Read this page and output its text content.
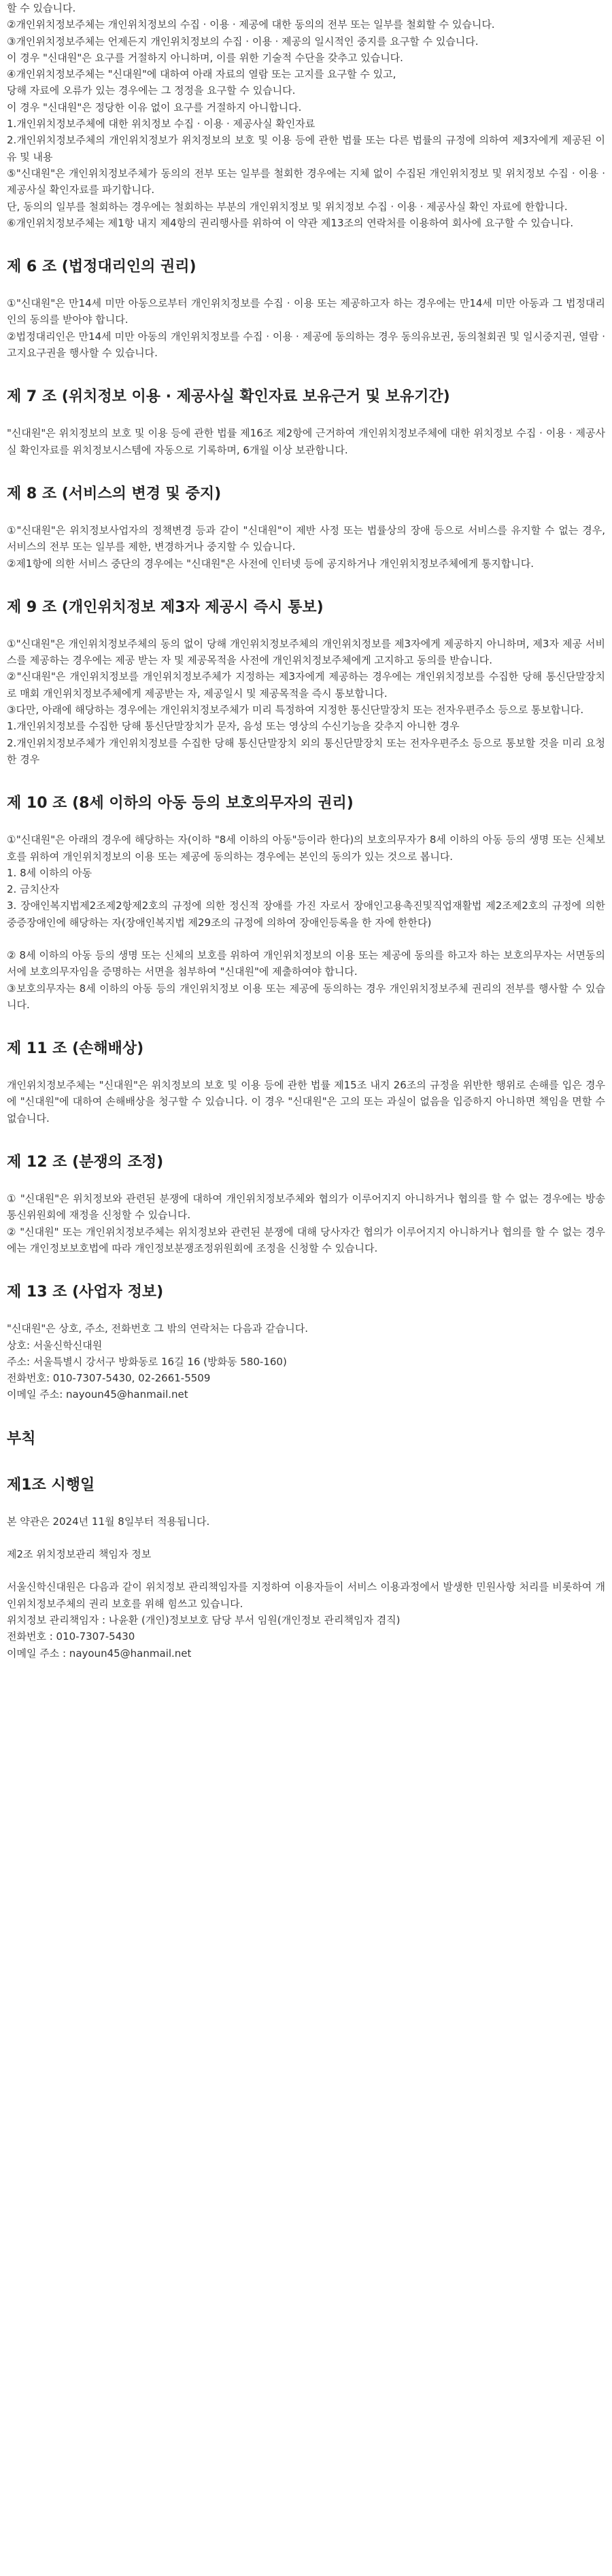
할 수 있습니다.

②개인위치정보주체는 개인위치정보의 수집 · 이용 · 제공에 대한 동의의 전부 또는 일부를 철회할 수 있습니다.

③개인위치정보주체는 언제든지 개인위치정보의 수집 · 이용 · 제공의 일시적인 중지를 요구할 수 있습니다.

이 경우 "신대원"은 요구를 거절하지 아니하며, 이를 위한 기술적 수단을 갖추고 있습니다.

④개인위치정보주체는 "신대원"에 대하여 아래 자료의 열람 또는 고지를 요구할 수 있고,

당해 자료에 오류가 있는 경우에는 그 정정을 요구할 수 있습니다.

이 경우 "신대원"은 정당한 이유 없이 요구를 거절하지 아니합니다.

1.개인위치정보주체에 대한 위치정보 수집 · 이용 · 제공사실 확인자료

2.개인위치정보주체의 개인위치정보가 위치정보의 보호 및 이용 등에 관한 법률 또는 다른 법률의 규정에 의하여 제3자에게 제공된 이유 및 내용

⑤"신대원"은 개인위치정보주체가 동의의 전부 또는 일부를 철회한 경우에는 지체 없이 수집된 개인위치정보 및 위치정보 수집 · 이용 · 제공사실 확인자료를 파기합니다.

단, 동의의 일부를 철회하는 경우에는 철회하는 부분의 개인위치정보 및 위치정보 수집 · 이용 · 제공사실 확인 자료에 한합니다.

⑥개인위치정보주체는 제1항 내지 제4항의 권리행사를 위하여 이 약관 제13조의 연락처를 이용하여 회사에 요구할 수 있습니다.

제 6 조 (법정대리인의 권리)

①"신대원"은 만14세 미만 아동으로부터 개인위치정보를 수집 · 이용 또는 제공하고자 하는 경우에는 만14세 미만 아동과 그 법정대리인의 동의를 받아야 합니다.

②법정대리인은 만14세 미만 아동의 개인위치정보를 수집 · 이용 · 제공에 동의하는 경우 동의유보권, 동의철회권 및 일시중지권, 열람 · 고지요구권을 행사할 수 있습니다.

제 7 조 (위치정보 이용 · 제공사실 확인자료 보유근거 및 보유기간)

"신대원"은 위치정보의 보호 및 이용 등에 관한 법률 제16조 제2항에 근거하여 개인위치정보주체에 대한 위치정보 수집 · 이용 · 제공사실 확인자료를 위치정보시스템에 자동으로 기록하며, 6개월 이상 보관합니다.

제 8 조 (서비스의 변경 및 중지)

①"신대원"은 위치정보사업자의 정책변경 등과 같이 "신대원"이 제반 사정 또는 법률상의 장애 등으로 서비스를 유지할 수 없는 경우, 서비스의 전부 또는 일부를 제한, 변경하거나 중지할 수 있습니다.

②제1항에 의한 서비스 중단의 경우에는 "신대원"은 사전에 인터넷 등에 공지하거나 개인위치정보주체에게 통지합니다.

제 9 조 (개인위치정보 제3자 제공시 즉시 통보)

①"신대원"은 개인위치정보주체의 동의 없이 당해 개인위치정보주체의 개인위치정보를 제3자에게 제공하지 아니하며, 제3자 제공 서비스를 제공하는 경우에는 제공 받는 자 및 제공목적을 사전에 개인위치정보주체에게 고지하고 동의를 받습니다.

②"신대원"은 개인위치정보를 개인위치정보주체가 지정하는 제3자에게 제공하는 경우에는 개인위치정보를 수집한 당해 통신단말장치로 매회 개인위치정보주체에게 제공받는 자, 제공일시 및 제공목적을 즉시 통보합니다.

③다만, 아래에 해당하는 경우에는 개인위치정보주체가 미리 특정하여 지정한 통신단말장치 또는 전자우편주소 등으로 통보합니다.

1.개인위치정보를 수집한 당해 통신단말장치가 문자, 음성 또는 영상의 수신기능을 갖추지 아니한 경우

2.개인위치정보주체가 개인위치정보를 수집한 당해 통신단말장치 외의 통신단말장치 또는 전자우편주소 등으로 통보할 것을 미리 요청한 경우

제 10 조 (8세 이하의 아동 등의 보호의무자의 권리)

①"신대원"은 아래의 경우에 해당하는 자(이하 "8세 이하의 아동"등이라 한다)의 보호의무자가 8세 이하의 아동 등의 생명 또는 신체보호를 위하여 개인위치정보의 이용 또는 제공에 동의하는 경우에는 본인의 동의가 있는 것으로 봅니다.

1. 8세 이하의 아동

2. 금치산자

3. 장애인복지법제2조제2항제2호의 규정에 의한 정신적 장애를 가진 자로서 장애인고용촉진및직업재활법 제2조제2호의 규정에 의한 중증장애인에 해당하는 자(장애인복지법 제29조의 규정에 의하여 장애인등록을 한 자에 한한다)

② 8세 이하의 아동 등의 생명 또는 신체의 보호를 위하여 개인위치정보의 이용 또는 제공에 동의를 하고자 하는 보호의무자는 서면동의서에 보호의무자임을 증명하는 서면을 첨부하여 "신대원"에 제출하여야 합니다.

③보호의무자는 8세 이하의 아동 등의 개인위치정보 이용 또는 제공에 동의하는 경우 개인위치정보주체 권리의 전부를 행사할 수 있습니다.

제 11 조 (손해배상)

개인위치정보주체는 "신대원"은 위치정보의 보호 및 이용 등에 관한 법률 제15조 내지 26조의 규정을 위반한 행위로 손해를 입은 경우에 "신대원"에 대하여 손해배상을 청구할 수 있습니다. 이 경우 "신대원"은 고의 또는 과실이 없음을 입증하지 아니하면 책임을 면할 수 없습니다.

제 12 조 (분쟁의 조정)

① "신대원"은 위치정보와 관련된 분쟁에 대하여 개인위치정보주체와 협의가 이루어지지 아니하거나 협의를 할 수 없는 경우에는 방송통신위원회에 재정을 신청할 수 있습니다.

② "신대원" 또는 개인위치정보주체는 위치정보와 관련된 분쟁에 대해 당사자간 협의가 이루어지지 아니하거나 협의를 할 수 없는 경우에는 개인정보보호법에 따라 개인정보분쟁조정위원회에 조정을 신청할 수 있습니다.

제 13 조 (사업자 정보)

"신대원"은 상호, 주소, 전화번호 그 밖의 연락처는 다음과 같습니다.

상호: 서울신학신대원

주소: 서울특별시 강서구 방화동로 16길 16 (방화동 580-160)

전화번호: 010-7307-5430, 02-2661-5509

이메일 주소: nayoun45@hanmail.net

부칙
제1조 시행일

본 약관은 2024년 11월 8일부터 적용됩니다.

제2조 위치정보관리 책임자 정보

서울신학신대원은 다음과 같이 위치정보 관리책임자를 지정하여 이용자들이 서비스 이용과정에서 발생한 민원사항 처리를 비롯하여 개인위치정보주체의 권리 보호를 위해 힘쓰고 있습니다.

위치정보 관리책임자 : 나윤환 (개인)정보보호 담당 부서 임원(개인정보 관리책임자 겸직)

전화번호 : 010-7307-5430

이메일 주소 : nayoun45@hanmail.net
